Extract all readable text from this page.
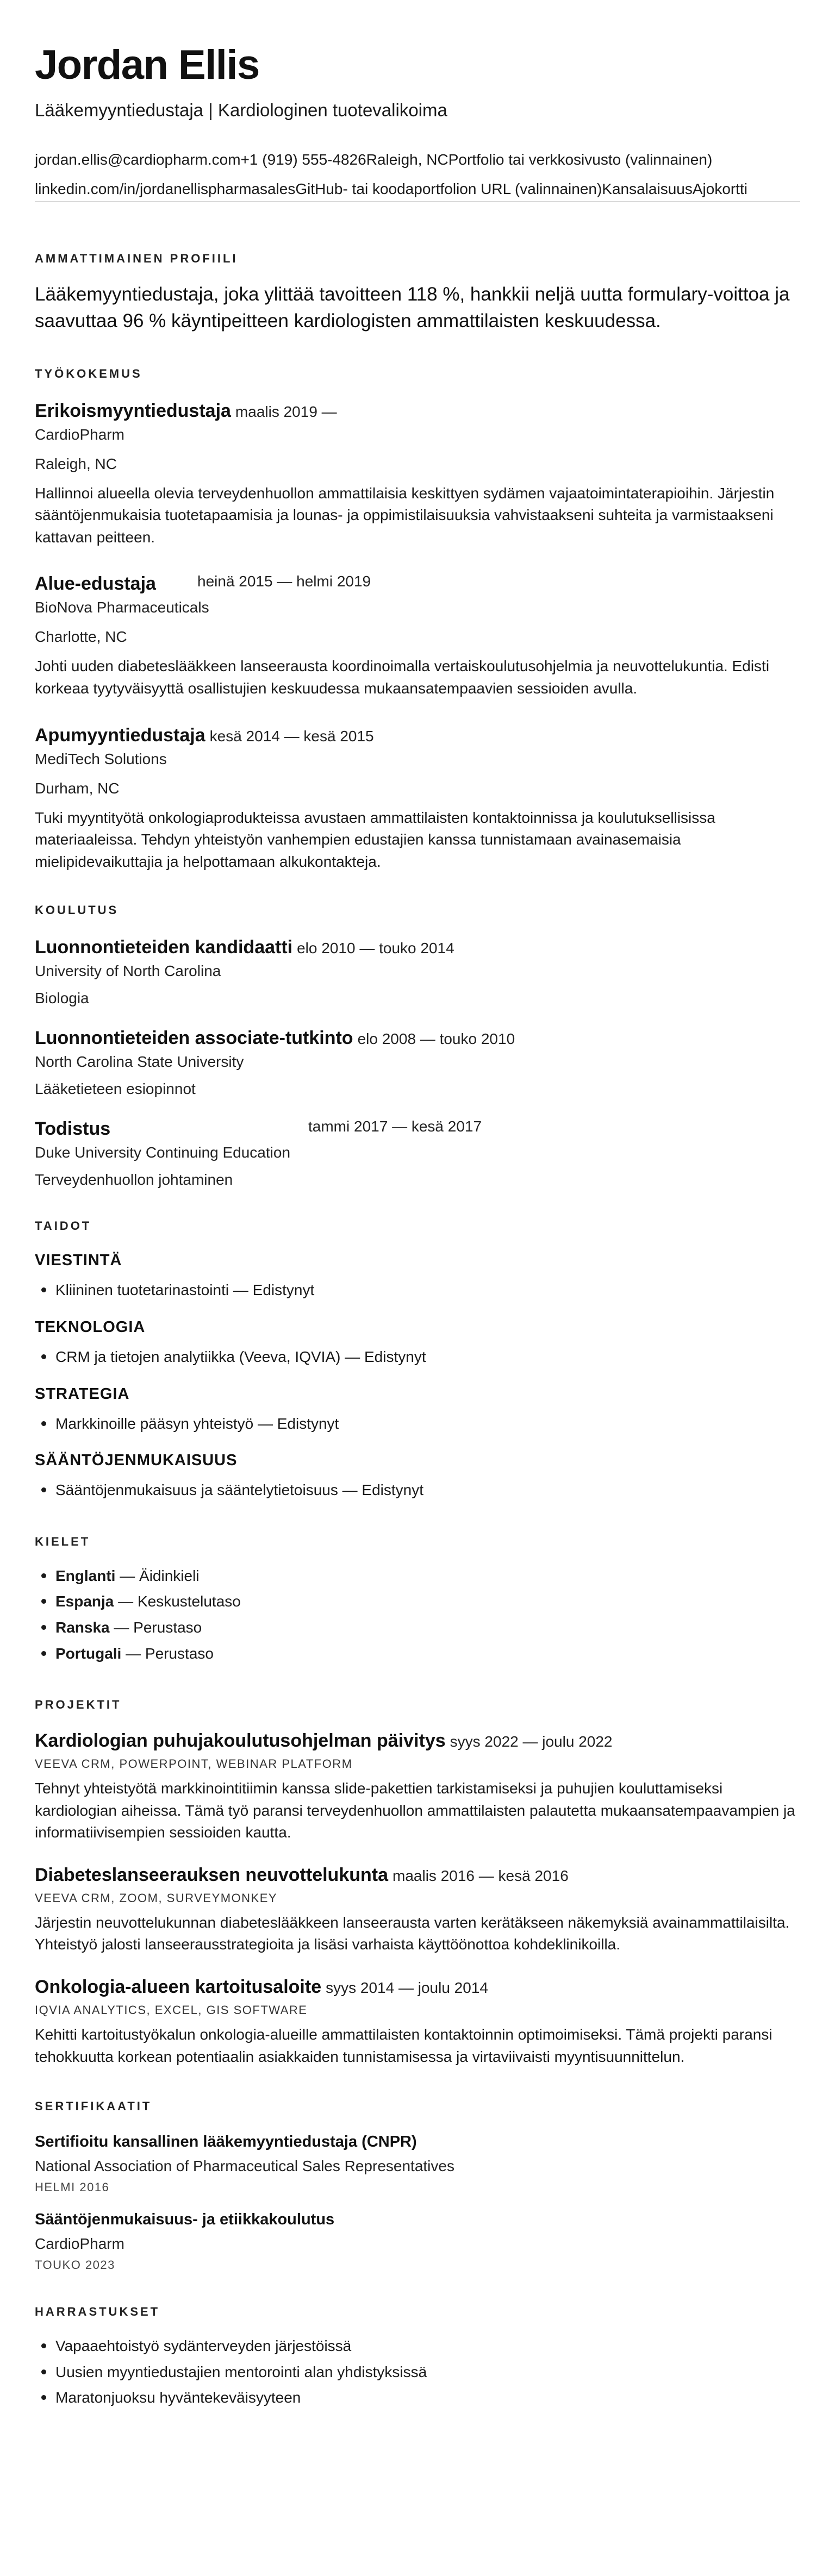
Jordan Ellis
Lääkemyyntiedustaja | Kardiologinen tuotevalikoima
jordan.ellis@cardiopharm.com +1 (919) 555-4826 Raleigh, NC Portfolio tai verkkosivusto (valinnainen)
linkedin.com/in/jordanellispharmasales GitHub- tai koodaportfolion URL (valinnainen) Kansalaisuus Ajokortti
AMMATTIMAINEN PROFIILI

Lääkemyyntiedustaja, joka ylittää tavoitteen 118 %, hankkii neljä uutta formulary-voittoa ja saavuttaa 96 % käyntipeitteen kardiologisten ammattilaisten keskuudessa.

TYÖKOKEMUS
Erikoismyyntiedustaja maalis 2019 —
CardioPharm
Raleigh, NC
Hallinnoi alueella olevia terveydenhuollon ammattilaisia keskittyen sydämen vajaatoimintaterapioihin. Järjestin sääntöjenmukaisia tuotetapaamisia ja lounas- ja oppimistilaisuuksia vahvistaakseni suhteita ja varmistaakseni kattavan peitteen.
Alue-edustaja	heinä 2015 — helmi 2019
BioNova Pharmaceuticals
Charlotte, NC
Johti uuden diabeteslääkkeen lanseerausta koordinoimalla vertaiskoulutusohjelmia ja neuvottelukuntia. Edisti korkeaa tyytyväisyyttä osallistujien keskuudessa mukaansatempaavien sessioiden avulla.
Apumyyntiedustaja kesä 2014 — kesä 2015
MediTech Solutions
Durham, NC
Tuki myyntityötä onkologiaprodukteissa avustaen ammattilaisten kontaktoinnissa ja koulutuksellisissa materiaaleissa. Tehdyn yhteistyön vanhempien edustajien kanssa tunnistamaan avainasemaisia mielipidevaikuttajia ja helpottamaan alkukontakteja.
KOULUTUS
Luonnontieteiden kandidaatti elo 2010 — touko 2014
University of North Carolina
Biologia
Luonnontieteiden associate-tutkinto elo 2008 — touko 2010
North Carolina State University
Lääketieteen esiopinnot
Todistus	tammi 2017 — kesä 2017
Duke University Continuing Education
Terveydenhuollon johtaminen
TAIDOT
VIESTINTÄ
Kliininen tuotetarinastointi — Edistynyt
TEKNOLOGIA
CRM ja tietojen analytiikka (Veeva, IQVIA) — Edistynyt
STRATEGIA
Markkinoille pääsyn yhteistyö — Edistynyt
SÄÄNTÖJENMUKAISUUS
Sääntöjenmukaisuus ja sääntelytietoisuus — Edistynyt
KIELET
Englanti — Äidinkieli
Espanja — Keskustelutaso
Ranska — Perustaso
Portugali — Perustaso
PROJEKTIT
Kardiologian puhujakoulutusohjelman päivitys syys 2022 — joulu 2022
VEEVA CRM, POWERPOINT, WEBINAR PLATFORM
Tehnyt yhteistyötä markkinointitiimin kanssa slide-pakettien tarkistamiseksi ja puhujien kouluttamiseksi kardiologian aiheissa. Tämä työ paransi terveydenhuollon ammattilaisten palautetta mukaansatempaavampien ja informatiivisempien sessioiden kautta.
Diabeteslanseerauksen neuvottelukunta maalis 2016 — kesä 2016
VEEVA CRM, ZOOM, SURVEYMONKEY
Järjestin neuvottelukunnan diabeteslääkkeen lanseerausta varten kerätäkseen näkemyksiä avainammattilaisilta. Yhteistyö jalosti lanseerausstrategioita ja lisäsi varhaista käyttöönottoa kohdeklinikoilla.
Onkologia-alueen kartoitusaloite syys 2014 — joulu 2014
IQVIA ANALYTICS, EXCEL, GIS SOFTWARE
Kehitti kartoitustyökalun onkologia-alueille ammattilaisten kontaktoinnin optimoimiseksi. Tämä projekti paransi tehokkuutta korkean potentiaalin asiakkaiden tunnistamisessa ja virtaviivaisti myyntisuunnittelun.
SERTIFIKAATIT
Sertifioitu kansallinen lääkemyyntiedustaja (CNPR)
National Association of Pharmaceutical Sales Representatives
HELMI 2016
Sääntöjenmukaisuus- ja etiikkakoulutus
CardioPharm
TOUKO 2023
HARRASTUKSET
Vapaaehtoistyö sydänterveyden järjestöissä
Uusien myyntiedustajien mentorointi alan yhdistyksissä
Maratonjuoksu hyväntekeväisyyteen
